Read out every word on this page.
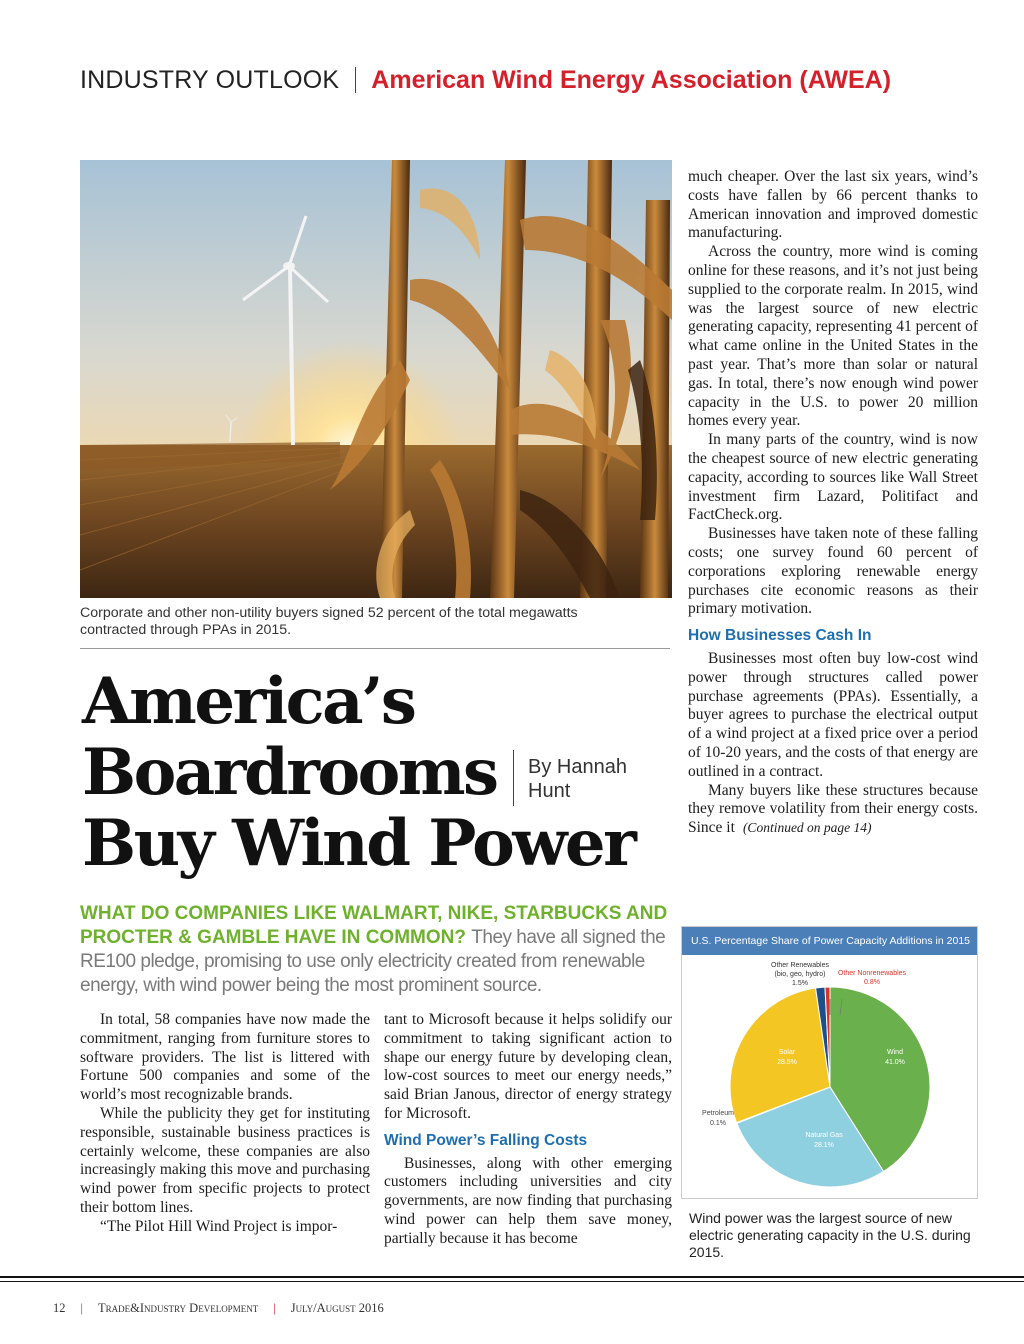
INDUSTRY OUTLOOK American Wind Energy Association (AWEA)
Corporate and other non-utility buyers signed 52 percent of the total megawatts
contracted through PPAs in 2015.
America’s
Boardrooms
Buy Wind Power
By Hannah
Hunt
WHAT DO COMPANIES LIKE WALMART, NIKE, STARBUCKS AND PROCTER & GAMBLE HAVE IN COMMON? They have all signed the RE100 pledge, promising to use only electricity created from renewable energy, with wind power being the most prominent source.

In total, 58 companies have now made the commitment, ranging from furniture stores to software providers. The list is littered with Fortune 500 companies and some of the world’s most recognizable brands.

While the publicity they get for instituting responsible, sustainable business practices is certainly welcome, these companies are also increasingly making this move and purchasing wind power from specific projects to protect their bottom lines.

“The Pilot Hill Wind Project is impor-

tant to Microsoft because it helps solidify our commitment to taking significant action to shape our energy future by developing clean, low-cost sources to meet our energy needs,” said Brian Janous, director of energy strategy for Microsoft.

Wind Power’s Falling Costs

Businesses, along with other emerging customers including universities and city governments, are now finding that purchasing wind power can help them save money, partially because it has become

much cheaper. Over the last six years, wind’s costs have fallen by 66 percent thanks to American innovation and improved domestic manufacturing.

Across the country, more wind is coming online for these reasons, and it’s not just being supplied to the corporate realm. In 2015, wind was the largest source of new electric generating capacity, representing 41 percent of what came online in the United States in the past year. That’s more than solar or natural gas. In total, there’s now enough wind power capacity in the U.S. to power 20 million homes every year.

In many parts of the country, wind is now the cheapest source of new electric generating capacity, according to sources like Wall Street investment firm Lazard, Politifact and FactCheck.org.

Businesses have taken note of these falling costs; one survey found 60 percent of corporations exploring renewable energy purchases cite economic reasons as their primary motivation.

How Businesses Cash In

Businesses most often buy low-cost wind power through structures called power purchase agreements (PPAs). Essentially, a buyer agrees to purchase the electrical output of a wind project at a fixed price over a period of 10-20 years, and the costs of that energy are outlined in a contract.

Many buyers like these structures because they remove volatility from their energy costs. Since it (Continued on page 14)

U.S. Percentage Share of Power Capacity Additions in 2015
Other Renewables
(bio, geo, hydro)
1.5%
Other Nonrenewables
0.8%
Solar
28.5%
Wind
41.0%
Petroleum
0.1%
Natural Gas
28.1%
Wind power was the largest source of new electric generating capacity in the U.S. during 2015.
12 | Trade&Industry Development | July/August 2016
